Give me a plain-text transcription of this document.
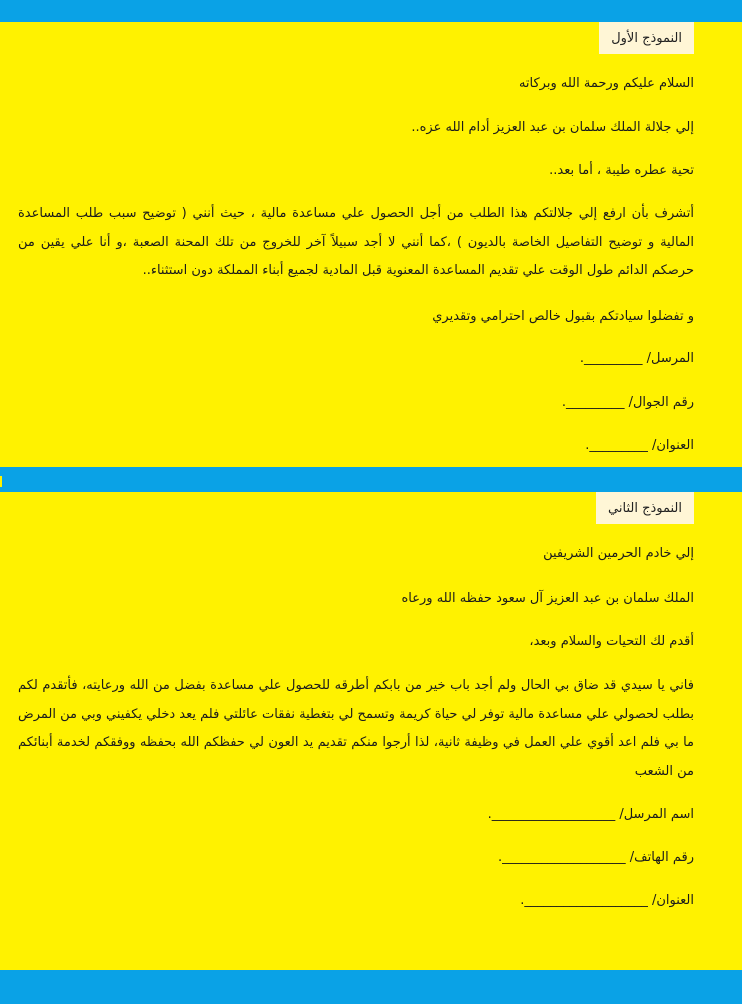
النموذج الأول
السلام عليكم ورحمة الله وبركاته
إلي جلالة الملك سلمان بن عبد العزيز أدام الله عزه..
تحية عطره طيبة ، أما بعد..
أتشرف بأن ارفع إلي جلالتكم هذا الطلب من أجل الحصول علي مساعدة مالية ، حيث أنني ( توضيح سبب طلب المساعدة المالية و توضيح التفاصيل الخاصة بالديون ) ،كما أنني لا أجد سبيلاً آخر للخروج من تلك المحنة الصعبة ،و أنا علي يقين من حرصكم الدائم طول الوقت علي تقديم المساعدة المعنوية قبل المادية لجميع أبناء المملكة دون استثناء..
و تفضلوا سيادتكم بقبول خالص احترامي وتقديري
المرسل/ _________.
رقم الجوال/ _________.
العنوان/ _________.
النموذج الثاني
إلي خادم الحرمين الشريفين
الملك سلمان بن عبد العزيز آل سعود حفظه الله ورعاه
أقدم لك التحيات والسلام وبعد،
فاني يا سيدي قد ضاق بي الحال ولم أجد باب خير من بابكم أطرقه للحصول علي مساعدة بفضل من الله ورعايته، فأتقدم لكم بطلب لحصولي علي مساعدة مالية توفر لي حياة كريمة وتسمح لي بتغطية نفقات عائلتي فلم يعد دخلي يكفيني وبي من المرض ما بي فلم اعد أقوي علي العمل في وظيفة ثانية، لذا أرجوا منكم تقديم يد العون لي حفظكم الله بحفظه ووفقكم لخدمة أبنائكم من الشعب
اسم المرسل/ ___________________.
رقم الهاتف/ ___________________.
العنوان/ ___________________.
